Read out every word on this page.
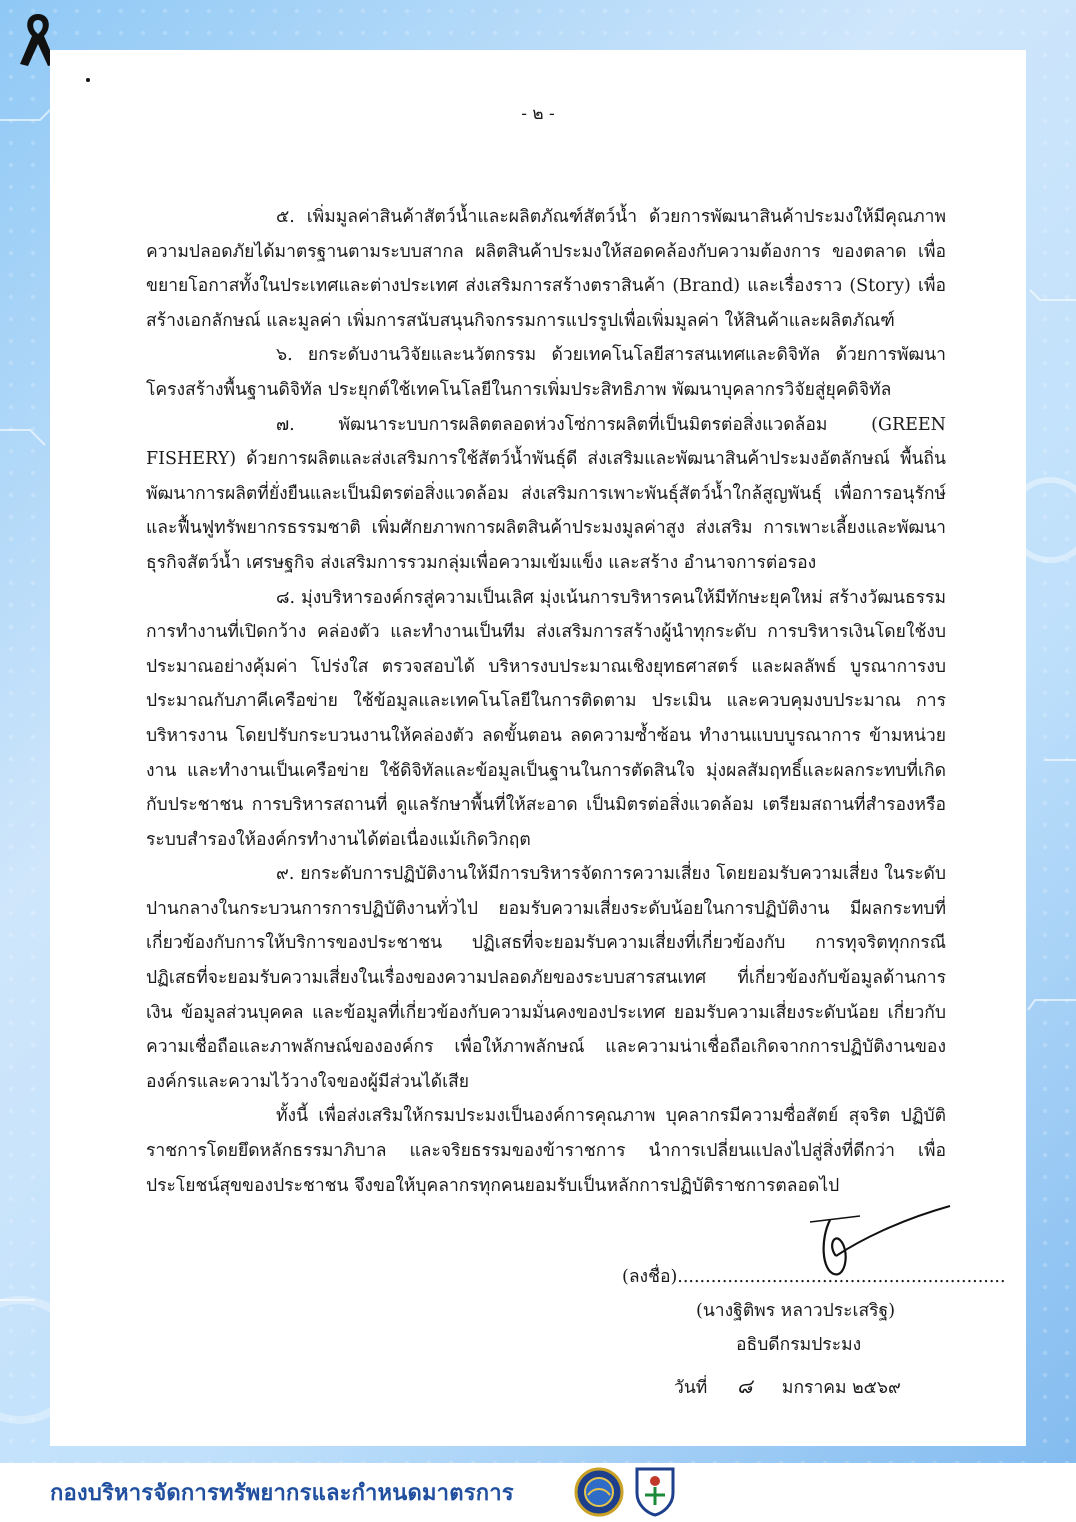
- ๒ -

๕. เพิ่มมูลค่าสินค้าสัตว์น้ำและผลิตภัณฑ์สัตว์น้ำ ด้วยการพัฒนาสินค้าประมงให้มีคุณภาพ ความปลอดภัยได้มาตรฐานตามระบบสากล ผลิตสินค้าประมงให้สอดคล้องกับความต้องการ ของตลาด เพื่อขยายโอกาสทั้งในประเทศและต่างประเทศ ส่งเสริมการสร้างตราสินค้า (Brand) และเรื่องราว (Story) เพื่อสร้างเอกลักษณ์ และมูลค่า เพิ่มการสนับสนุนกิจกรรมการแปรรูปเพื่อเพิ่มมูลค่า ให้สินค้าและผลิตภัณฑ์

๖. ยกระดับงานวิจัยและนวัตกรรม ด้วยเทคโนโลยีสารสนเทศและดิจิทัล ด้วยการพัฒนา โครงสร้างพื้นฐานดิจิทัล ประยุกต์ใช้เทคโนโลยีในการเพิ่มประสิทธิภาพ พัฒนาบุคลากรวิจัยสู่ยุคดิจิทัล

๗. พัฒนาระบบการผลิตตลอดห่วงโซ่การผลิตที่เป็นมิตรต่อสิ่งแวดล้อม (GREEN FISHERY) ด้วยการผลิตและส่งเสริมการใช้สัตว์น้ำพันธุ์ดี ส่งเสริมและพัฒนาสินค้าประมงอัตลักษณ์ พื้นถิ่น พัฒนาการผลิตที่ยั่งยืนและเป็นมิตรต่อสิ่งแวดล้อม ส่งเสริมการเพาะพันธุ์สัตว์น้ำใกล้สูญพันธุ์ เพื่อการอนุรักษ์และฟื้นฟูทรัพยากรธรรมชาติ เพิ่มศักยภาพการผลิตสินค้าประมงมูลค่าสูง ส่งเสริม การเพาะเลี้ยงและพัฒนาธุรกิจสัตว์น้ำ เศรษฐกิจ ส่งเสริมการรวมกลุ่มเพื่อความเข้มแข็ง และสร้าง อำนาจการต่อรอง

๘. มุ่งบริหารองค์กรสู่ความเป็นเลิศ มุ่งเน้นการบริหารคนให้มีทักษะยุคใหม่ สร้างวัฒนธรรมการทำงานที่เปิดกว้าง คล่องตัว และทำงานเป็นทีม ส่งเสริมการสร้างผู้นำทุกระดับ การบริหารเงินโดยใช้งบประมาณอย่างคุ้มค่า โปร่งใส ตรวจสอบได้ บริหารงบประมาณเชิงยุทธศาสตร์ และผลลัพธ์ บูรณาการงบประมาณกับภาคีเครือข่าย ใช้ข้อมูลและเทคโนโลยีในการติดตาม ประเมิน และควบคุมงบประมาณ การบริหารงาน โดยปรับกระบวนงานให้คล่องตัว ลดขั้นตอน ลดความซ้ำซ้อน ทำงานแบบบูรณาการ ข้ามหน่วยงาน และทำงานเป็นเครือข่าย ใช้ดิจิทัลและข้อมูลเป็นฐานในการตัดสินใจ มุ่งผลสัมฤทธิ์และผลกระทบที่เกิดกับประชาชน การบริหารสถานที่ ดูแลรักษาพื้นที่ให้สะอาด เป็นมิตรต่อสิ่งแวดล้อม เตรียมสถานที่สำรองหรือระบบสำรองให้องค์กรทำงานได้ต่อเนื่องแม้เกิดวิกฤต

๙. ยกระดับการปฏิบัติงานให้มีการบริหารจัดการความเสี่ยง โดยยอมรับความเสี่ยง ในระดับปานกลางในกระบวนการการปฏิบัติงานทั่วไป ยอมรับความเสี่ยงระดับน้อยในการปฏิบัติงาน มีผลกระทบที่เกี่ยวข้องกับการให้บริการของประชาชน ปฏิเสธที่จะยอมรับความเสี่ยงที่เกี่ยวข้องกับ การทุจริตทุกกรณี ปฏิเสธที่จะยอมรับความเสี่ยงในเรื่องของความปลอดภัยของระบบสารสนเทศ ที่เกี่ยวข้องกับข้อมูลด้านการเงิน ข้อมูลส่วนบุคคล และข้อมูลที่เกี่ยวข้องกับความมั่นคงของประเทศ ยอมรับความเสี่ยงระดับน้อย เกี่ยวกับความเชื่อถือและภาพลักษณ์ขององค์กร เพื่อให้ภาพลักษณ์ และความน่าเชื่อถือเกิดจากการปฏิบัติงานขององค์กรและความไว้วางใจของผู้มีส่วนได้เสีย

ทั้งนี้ เพื่อส่งเสริมให้กรมประมงเป็นองค์การคุณภาพ บุคลากรมีความซื่อสัตย์ สุจริต ปฏิบัติราชการโดยยึดหลักธรรมาภิบาล และจริยธรรมของข้าราชการ นำการเปลี่ยนแปลงไปสู่สิ่งที่ดีกว่า เพื่อประโยชน์สุขของประชาชน จึงขอให้บุคลากรทุกคนยอมรับเป็นหลักการปฏิบัติราชการตลอดไป

(ลงชื่อ)...........................................................
(นางฐิติพร หลาวประเสริฐ)
อธิบดีกรมประมง
วันที่ ๘ มกราคม ๒๕๖๙
กองบริหารจัดการทรัพยากรและกำหนดมาตรการ
